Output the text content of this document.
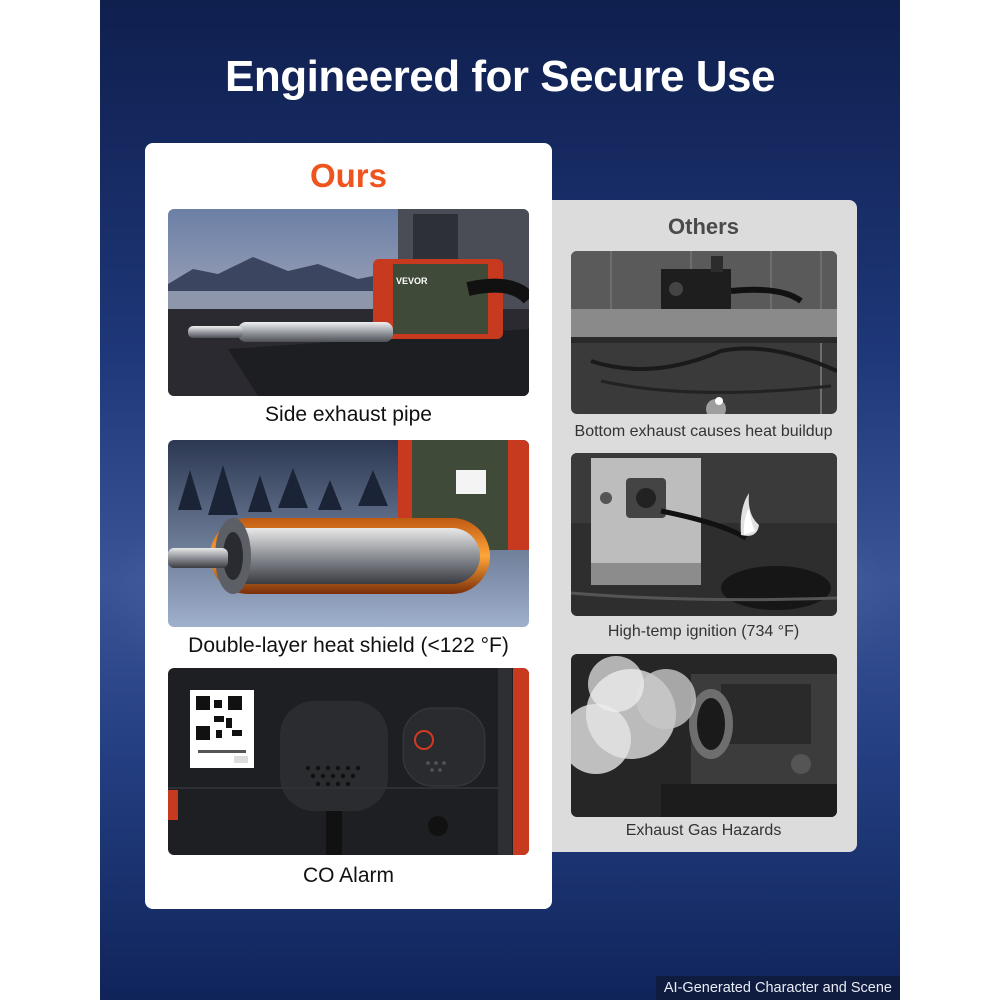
Engineered for Secure Use
Others
Bottom exhaust causes heat buildup
High-temp ignition (734 °F)
Exhaust Gas Hazards
Ours
VEVOR
Side exhaust pipe
Double-layer heat shield (<122 °F)
CO Alarm
AI-Generated Character and Scene
